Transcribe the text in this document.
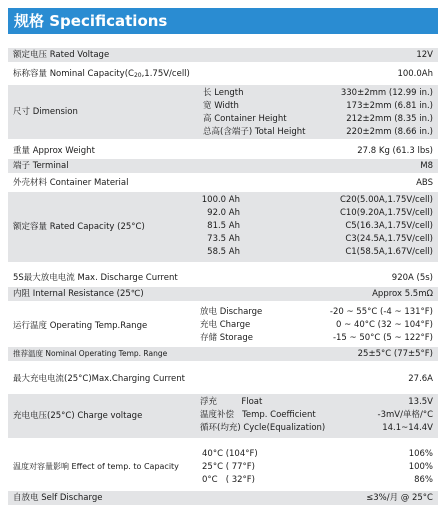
规格 Specifications
额定电压 Rated Voltage	12V
标称容量 Nominal $Capacity(C_{20},1.75V/cell)$	100.0Ah
尺寸 Dimension
长 Length	330±2mm (12.99 in.)
宽 Width	173±2mm (6.81 in.)
高 Container Height	212±2mm (8.35 in.)
总高(含端子) Total Height	220±2mm (8.66 in.)
重量 Approx Weight	27.8 Kg (61.3 lbs)
端子 Terminal	M8
外壳材料 Container Material	ABS
额定容量 Rated Capacity (25°C)
100.0 Ah	C20(5.00A,1.75V/cell)
92.0 Ah	C10(9.20A,1.75V/cell)
81.5 Ah	C5(16.3A,1.75V/cell)
73.5 Ah	C3(24.5A,1.75V/cell)
58.5 Ah	C1(58.5A,1.67V/cell)
5S最大放电电流 Max. Discharge Current	920A (5s)
内阻 Internal Resistance (25℃)	Approx 5.5mΩ
运行温度 Operating Temp.Range
放电 Discharge	-20 ~ 55°C (-4 ~ 131°F)
充电 Charge	0 ~ 40°C (32 ~ 104°F)
存储 Storage	-15 ~ 50°C (5 ~ 122°F)
推荐温度 Nominal Operating Temp. Range	25±5°C (77±5°F)
最大充电电流(25°C)Max.Charging Current	27.6A
充电电压(25°C) Charge voltage
浮充         Float	13.5V
温度补偿   Temp. Coefficient	-3mV/单格/°C
循环(均充) Cycle(Equalization)	14.1~14.4V
温度对容量影响 Effect of temp. to Capacity
40°C (104°F)	106%
25°C ( 77°F)	100%
0°C   ( 32°F)	86%
自放电 Self Discharge	≤3%/月 @ 25°C
